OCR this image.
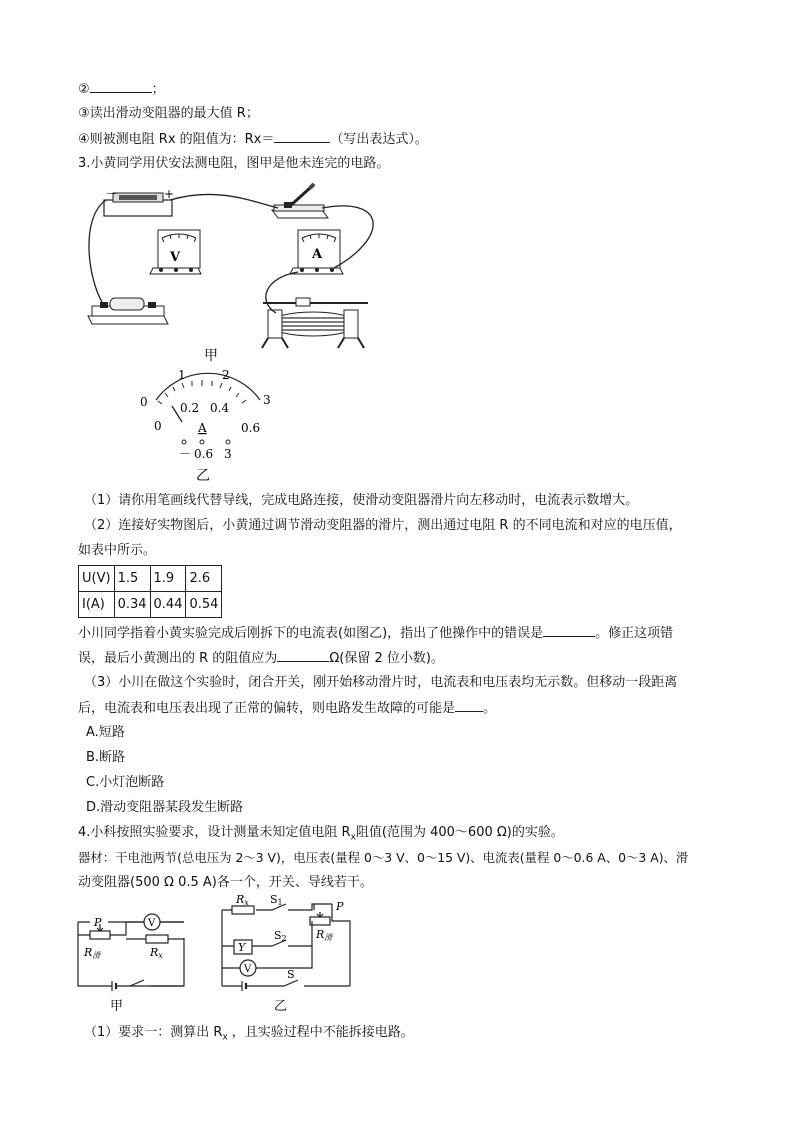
②	；
③读出滑动变阻器的最大值 R；
④则被测电阻 Rx 的阻值为：Rx＝	（写出表达式）。
3.小黄同学用伏安法测电阻，图甲是他未连完的电路。
－	+
V	A
甲
0
1	2
3
0
0.2 0.4
0.6
A
－ 0.6 3
乙
（1）请你用笔画线代替导线，完成电路连接，使滑动变阻器滑片向左移动时，电流表示数增大。
（2）连接好实物图后，小黄通过调节滑动变阻器的滑片，测出通过电阻 R 的不同电流和对应的电压值，
如表中所示。
U(V)	1.5	1.9	2.6
I(A)	0.34	0.44	0.54
小川同学指着小黄实验完成后刚拆下的电流表(如图乙)，指出了他操作中的错误是	。修正这项错
误，最后小黄测出的 R 的阻值应为	Ω(保留 2 位小数)。
（3）小川在做这个实验时，闭合开关，刚开始移动滑片时，电流表和电压表均无示数。但移动一段距离
后，电流表和电压表出现了正常的偏转，则电路发生故障的可能是 。
A.短路
B.断路
C.小灯泡断路
D.滑动变阻器某段发生断路
4.小科按照实验要求，设计测量未知定值电阻 $R_x$阻值(范围为 400～600 Ω)的实验。
器材：干电池两节(总电压为 2～3 V)，电压表(量程 0～3 V、0～15 V)、电流表(量程 0～0.6 A、0～3 A)、滑
动变阻器(500 Ω 0.5 A)各一个，开关、导线若干。
P
R滑
V
Rx
甲
Rx S1	P
R滑
Y
S2
V	S
乙
（1）要求一：测算出 $R_x$ ，且实验过程中不能拆接电路。
